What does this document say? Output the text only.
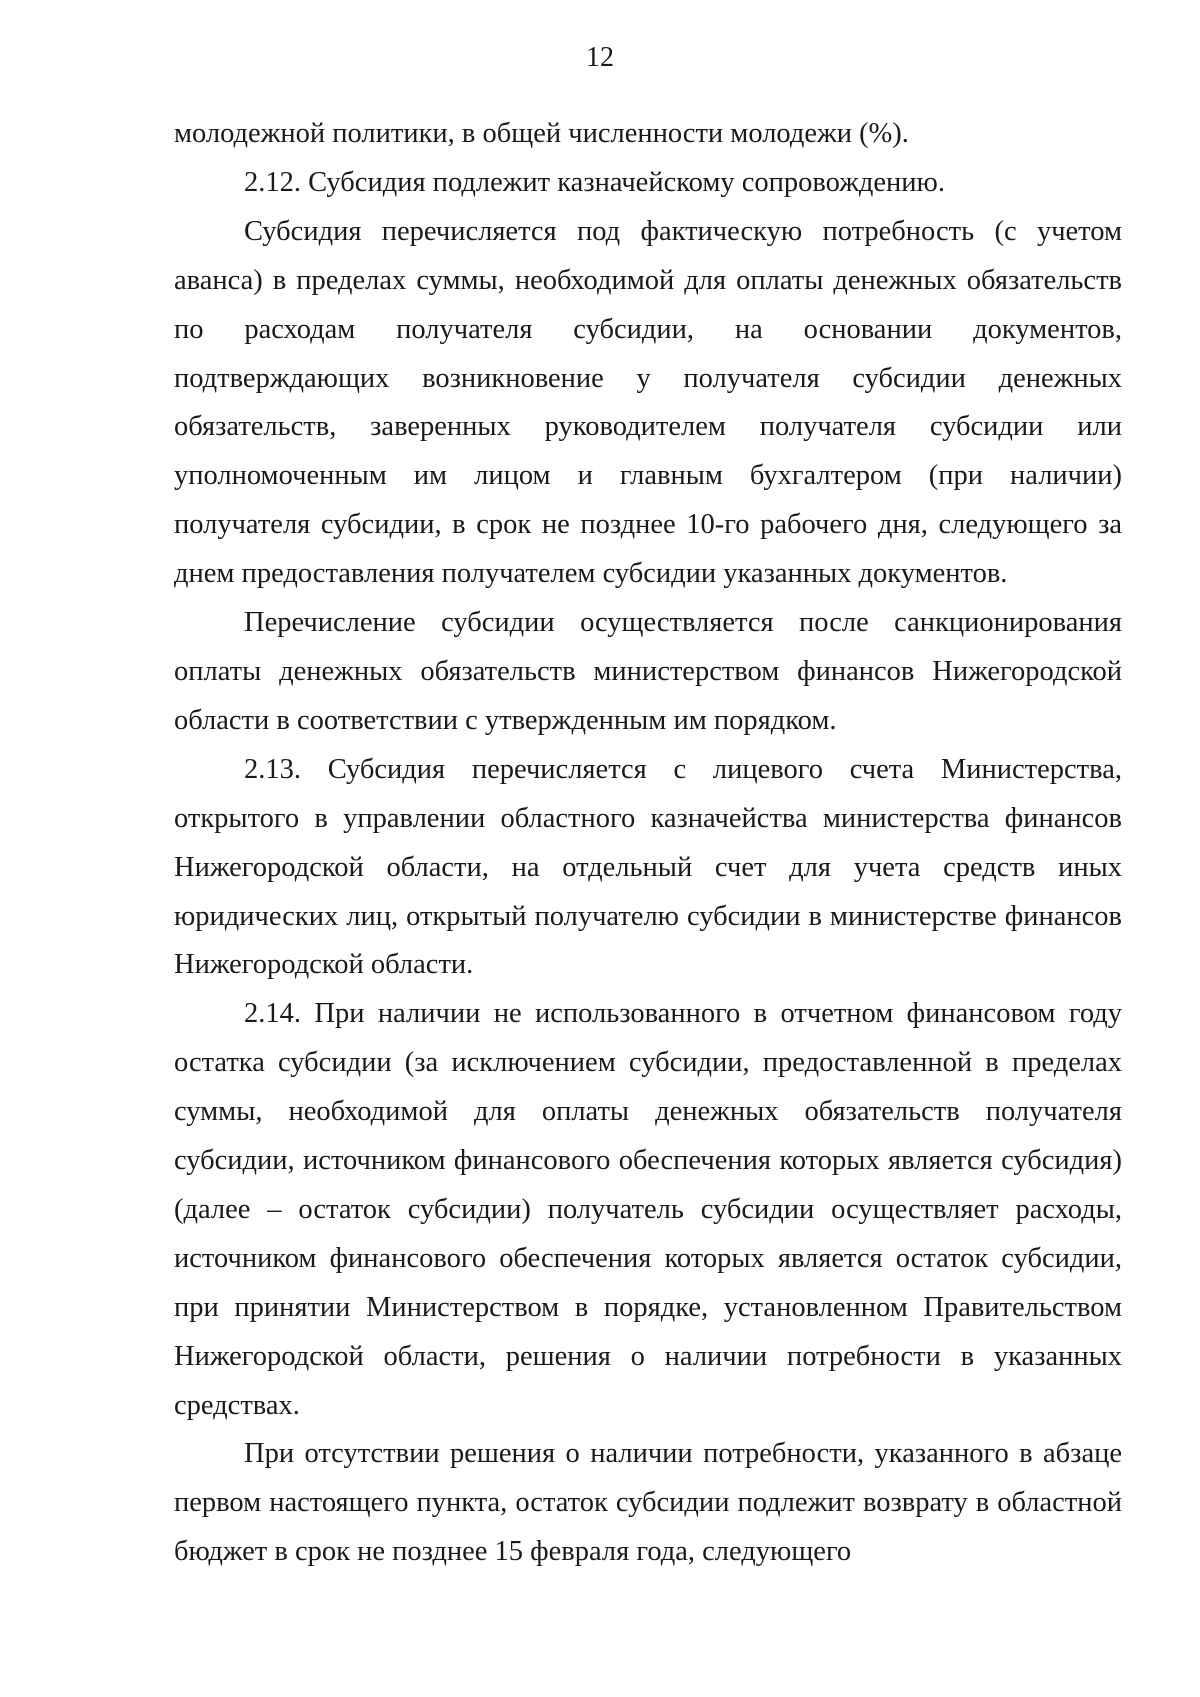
12

молодежной политики, в общей численности молодежи (%).

2.12. Субсидия подлежит казначейскому сопровождению.

Субсидия перечисляется под фактическую потребность (с учетом аванса) в пределах суммы, необходимой для оплаты денежных обязательств по расходам получателя субсидии, на основании документов, подтверждающих возникновение у получателя субсидии денежных обязательств, заверенных руководителем получателя субсидии или уполномоченным им лицом и главным бухгалтером (при наличии) получателя субсидии, в срок не позднее 10-го рабочего дня, следующего за днем предоставления получателем субсидии указанных документов.

Перечисление субсидии осуществляется после санкционирования оплаты денежных обязательств министерством финансов Нижегородской области в соответствии с утвержденным им порядком.

2.13. Субсидия перечисляется с лицевого счета Министерства, открытого в управлении областного казначейства министерства финансов Нижегородской области, на отдельный счет для учета средств иных юридических лиц, открытый получателю субсидии в министерстве финансов Нижегородской области.

2.14. При наличии не использованного в отчетном финансовом году остатка субсидии (за исключением субсидии, предоставленной в пределах суммы, необходимой для оплаты денежных обязательств получателя субсидии, источником финансового обеспечения которых является субсидия) (далее – остаток субсидии) получатель субсидии осуществляет расходы, источником финансового обеспечения которых является остаток субсидии, при принятии Министерством в порядке, установленном Правительством Нижегородской области, решения о наличии потребности в указанных средствах.

При отсутствии решения о наличии потребности, указанного в абзаце первом настоящего пункта, остаток субсидии подлежит возврату в областной бюджет в срок не позднее 15 февраля года, следующего
